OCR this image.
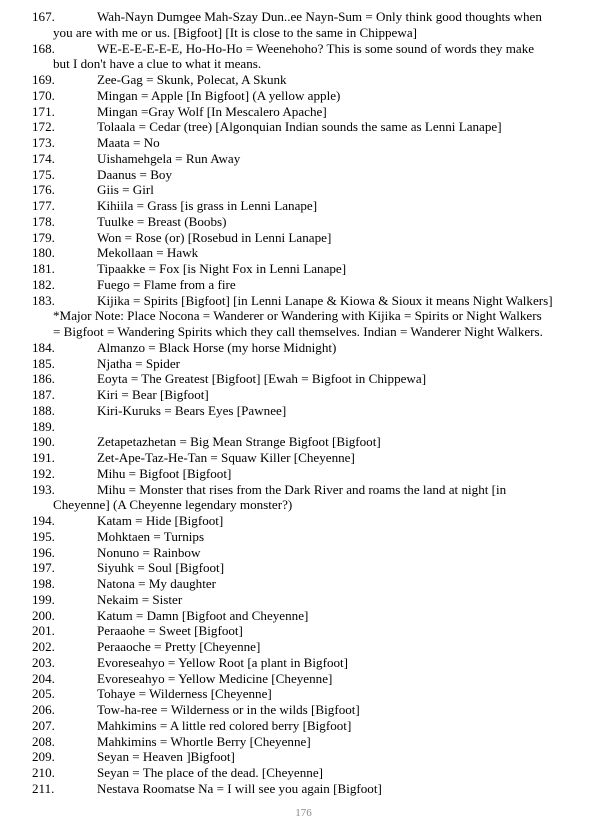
167.	Wah-Nayn Dumgee Mah-Szay Dun..ee Nayn-Sum = Only think good thoughts when
you are with me or us. [Bigfoot] [It is close to the same in Chippewa]
168.	WE-E-E-E-E-E, Ho-Ho-Ho = Weenehoho? This is some sound of words they make
but I don't have a clue to what it means.
169.	Zee-Gag = Skunk, Polecat, A Skunk
170.	Mingan = Apple [In Bigfoot] (A yellow apple)
171.	Mingan =Gray Wolf [In Mescalero Apache]
172.	Tolaala = Cedar (tree) [Algonquian Indian sounds the same as Lenni Lanape]
173.	Maata = No
174.	Uishamehgela = Run Away
175.	Daanus = Boy
176.	Giis = Girl
177.	Kihiila = Grass [is grass in Lenni Lanape]
178.	Tuulke = Breast (Boobs)
179.	Won = Rose (or) [Rosebud in Lenni Lanape]
180.	Mekollaan = Hawk
181.	Tipaakke = Fox [is Night Fox in Lenni Lanape]
182.	Fuego = Flame from a fire
183.	Kijika = Spirits [Bigfoot] [in Lenni Lanape & Kiowa & Sioux it means Night Walkers]
*Major Note: Place Nocona = Wanderer or Wandering with Kijika = Spirits or Night Walkers
= Bigfoot = Wandering Spirits which they call themselves. Indian = Wanderer Night Walkers.
184.	Almanzo = Black Horse (my horse Midnight)
185.	Njatha = Spider
186.	Eoyta = The Greatest [Bigfoot] [Ewah = Bigfoot in Chippewa]
187.	Kiri = Bear [Bigfoot]
188.	Kiri-Kuruks = Bears Eyes [Pawnee]
189.
190.	Zetapetazhetan = Big Mean Strange Bigfoot [Bigfoot]
191.	Zet-Ape-Taz-He-Tan = Squaw Killer [Cheyenne]
192.	Mihu = Bigfoot [Bigfoot]
193.	Mihu = Monster that rises from the Dark River and roams the land at night [in
Cheyenne] (A Cheyenne legendary monster?)
194.	Katam = Hide [Bigfoot]
195.	Mohktaen = Turnips
196.	Nonuno = Rainbow
197.	Siyuhk = Soul [Bigfoot]
198.	Natona = My daughter
199.	Nekaim = Sister
200.	Katum = Damn [Bigfoot and Cheyenne]
201.	Peraaohe = Sweet [Bigfoot]
202.	Peraaoche = Pretty [Cheyenne]
203.	Evoreseahyo = Yellow Root [a plant in Bigfoot]
204.	Evoreseahyo = Yellow Medicine [Cheyenne]
205.	Tohaye = Wilderness [Cheyenne]
206.	Tow-ha-ree = Wilderness or in the wilds [Bigfoot]
207.	Mahkimins = A little red colored berry [Bigfoot]
208.	Mahkimins = Whortle Berry [Cheyenne]
209.	Seyan = Heaven ]Bigfoot]
210.	Seyan = The place of the dead. [Cheyenne]
211.	Nestava Roomatse Na = I will see you again [Bigfoot]
176
